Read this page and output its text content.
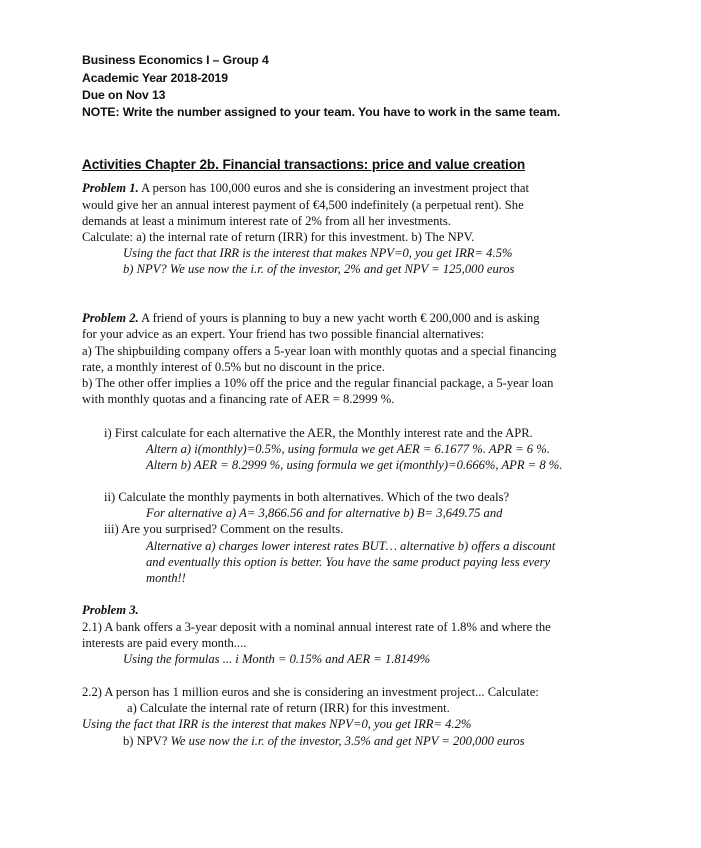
Business Economics I – Group 4
Academic Year 2018-2019
Due on Nov 13
NOTE: Write the number assigned to your team. You have to work in the same team.
Activities Chapter 2b. Financial transactions: price and value creation
Problem 1. A person has 100,000 euros and she is considering an investment project that
would give her an annual interest payment of €4,500 indefinitely (a perpetual rent). She
demands at least a minimum interest rate of 2% from all her investments.
Calculate: a) the internal rate of return (IRR) for this investment. b) The NPV.
Using the fact that IRR is the interest that makes NPV=0, you get IRR= 4.5%
b) NPV? We use now the i.r. of the investor, 2% and get NPV = 125,000 euros
Problem 2. A friend of yours is planning to buy a new yacht worth € 200,000 and is asking
for your advice as an expert. Your friend has two possible financial alternatives:
a) The shipbuilding company offers a 5-year loan with monthly quotas and a special financing
rate, a monthly interest of 0.5% but no discount in the price.
b) The other offer implies a 10% off the price and the regular financial package, a 5-year loan
with monthly quotas and a financing rate of AER = 8.2999 %.
i) First calculate for each alternative the AER, the Monthly interest rate and the APR.
Altern a) i(monthly)=0.5%, using formula we get AER = 6.1677 %. APR = 6 %.
Altern b) AER = 8.2999 %, using formula we get i(monthly)=0.666%, APR = 8 %.
ii) Calculate the monthly payments in both alternatives. Which of the two deals?
For alternative a) A= 3,866.56 and for alternative b) B= 3,649.75 and
iii) Are you surprised? Comment on the results.
Alternative a) charges lower interest rates BUT… alternative b) offers a discount
and eventually this option is better. You have the same product paying less every
month!!
Problem 3.
2.1) A bank offers a 3-year deposit with a nominal annual interest rate of 1.8% and where the
interests are paid every month....
Using the formulas ... i Month = 0.15% and AER = 1.8149%
2.2) A person has 1 million euros and she is considering an investment project... Calculate:
a) Calculate the internal rate of return (IRR) for this investment.
Using the fact that IRR is the interest that makes NPV=0, you get IRR= 4.2%
b) NPV? We use now the i.r. of the investor, 3.5% and get NPV = 200,000 euros
